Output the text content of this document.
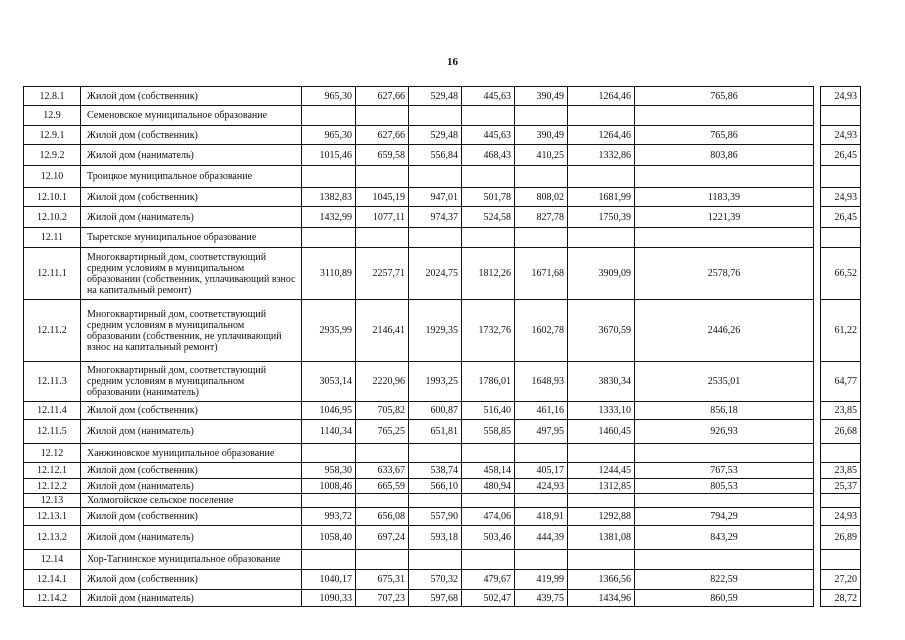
16
12.8.1	Жилой дом (собственник)	965,30	627,66	529,48	445,63	390,49	1264,46	765,86		24,93
12.9	Семеновское муниципальное образование									
12.9.1	Жилой дом (собственник)	965,30	627,66	529,48	445,63	390,49	1264,46	765,86		24,93
12.9.2	Жилой дом (наниматель)	1015,46	659,58	556,84	468,43	410,25	1332,86	803,86		26,45
12.10	Троицкое муниципальное образование									
12.10.1	Жилой дом (собственник)	1382,83	1045,19	947,01	501,78	808,02	1681,99	1183,39		24,93
12.10.2	Жилой дом (наниматель)	1432,99	1077,11	974,37	524,58	827,78	1750,39	1221,39		26,45
12.11	Тыретское муниципальное образование									
12.11.1	Многоквартирный дом, соответствующий средним условиям в муниципальном образовании (собственник, уплачивающий взнос на капитальный ремонт)	3110,89	2257,71	2024,75	1812,26	1671,68	3909,09	2578,76		66,52
12.11.2	Многоквартирный дом, соответствующий средним условиям в муниципальном образовании (собственник, не уплачивающий взнос на капитальный ремонт)	2935,99	2146,41	1929,35	1732,76	1602,78	3670,59	2446,26		61,22
12.11.3	Многоквартирный дом, соответствующий средним условиям в муниципальном образовании (наниматель)	3053,14	2220,96	1993,25	1786,01	1648,93	3830,34	2535,01		64,77
12.11.4	Жилой дом (собственник)	1046,95	705,82	600,87	516,40	461,16	1333,10	856,18		23,85
12.11.5	Жилой дом (наниматель)	1140,34	765,25	651,81	558,85	497,95	1460,45	926,93		26,68
12.12	Ханжиновское муниципальное образование									
12.12.1	Жилой дом (собственник)	958,30	633,67	538,74	458,14	405,17	1244,45	767,53		23,85
12.12.2	Жилой дом (наниматель)	1008,46	665,59	566,10	480,94	424,93	1312,85	805,53		25,37
12.13	Холмогойское сельское поселение									
12.13.1	Жилой дом (собственник)	993,72	656,08	557,90	474,06	418,91	1292,88	794,29		24,93
12.13.2	Жилой дом (наниматель)	1058,40	697,24	593,18	503,46	444,39	1381,08	843,29		26,89
12.14	Хор-Тагнинское муниципальное образование									
12.14.1	Жилой дом (собственник)	1040,17	675,31	570,32	479,67	419,99	1366,56	822,59		27,20
12.14.2	Жилой дом (наниматель)	1090,33	707,23	597,68	502,47	439,75	1434,96	860,59		28,72
